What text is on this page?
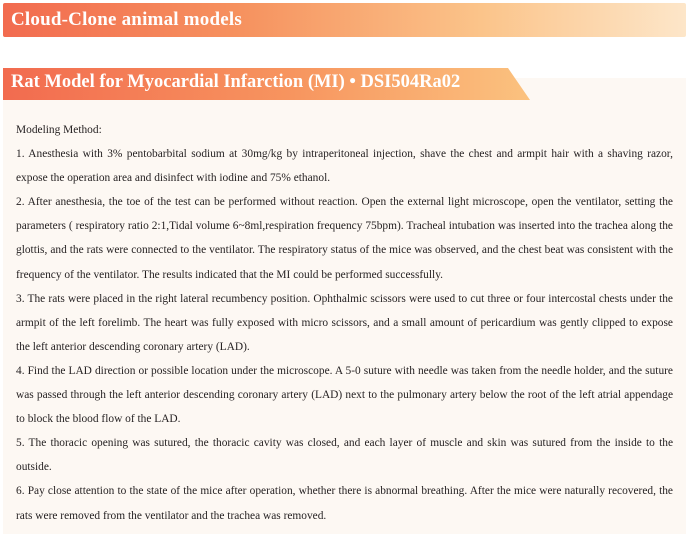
Cloud-Clone animal models
Rat Model for Myocardial Infarction (MI) • DSI504Ra02
Modeling Method:
1. Anesthesia with 3% pentobarbital sodium at 30mg/kg by intraperitoneal injection, shave the chest and armpit hair with a shaving razor, expose the operation area and disinfect with iodine and 75% ethanol.
2. After anesthesia, the toe of the test can be performed without reaction. Open the external light microscope, open the ventilator, setting the parameters ( respiratory ratio 2:1,Tidal volume 6~8ml,respiration frequency 75bpm). Tracheal intubation was inserted into the trachea along the glottis, and the rats were connected to the ventilator. The respiratory status of the mice was observed, and the chest beat was consistent with the frequency of the ventilator. The results indicated that the MI could be performed successfully.
3. The rats were placed in the right lateral recumbency position. Ophthalmic scissors were used to cut three or four intercostal chests under the armpit of the left forelimb. The heart was fully exposed with micro scissors, and a small amount of pericardium was gently clipped to expose the left anterior descending coronary artery (LAD).
4. Find the LAD direction or possible location under the microscope. A 5-0 suture with needle was taken from the needle holder, and the suture was passed through the left anterior descending coronary artery (LAD) next to the pulmonary artery below the root of the left atrial appendage to block the blood flow of the LAD.
5. The thoracic opening was sutured, the thoracic cavity was closed, and each layer of muscle and skin was sutured from the inside to the outside.
6. Pay close attention to the state of the mice after operation, whether there is abnormal breathing. After the mice were naturally recovered, the rats were removed from the ventilator and the trachea was removed.
